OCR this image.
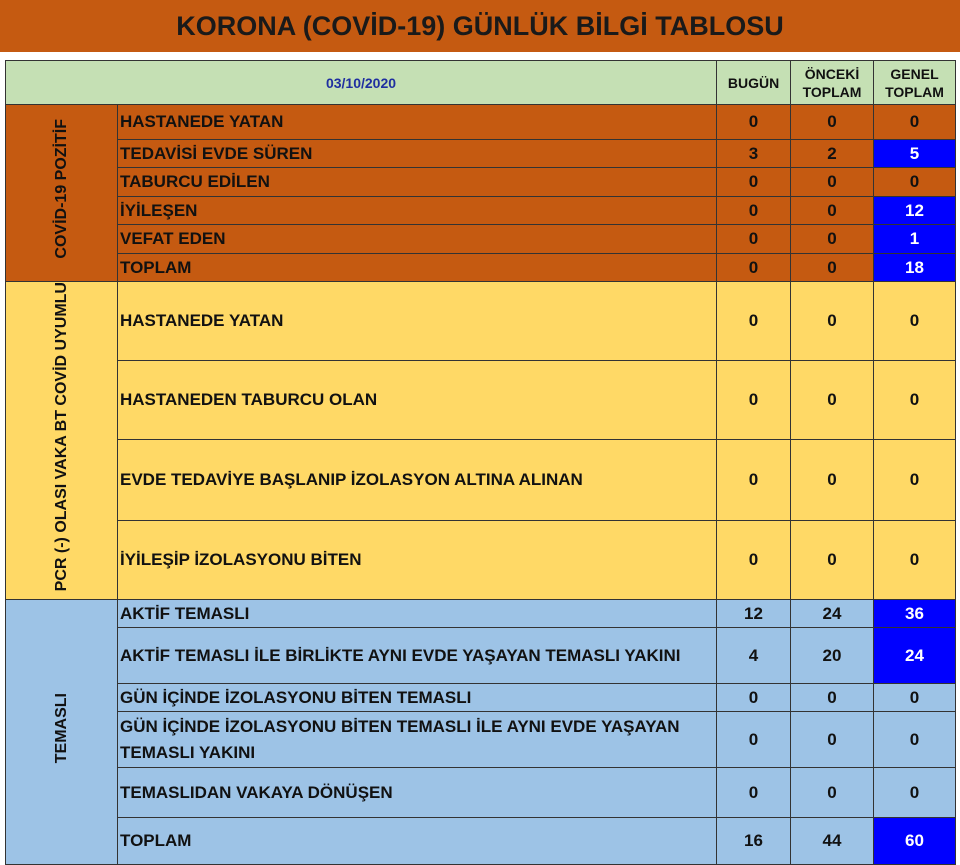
KORONA (COVİD-19) GÜNLÜK BİLGİ TABLOSU
03/10/2020		BUGÜN	ÖNCEKİ TOPLAM	GENEL TOPLAM
COVİD-19 POZİTİF	HASTANEDE YATAN	0	0	0
	TEDAVİSİ EVDE SÜREN	3	2	5
	TABURCU EDİLEN	0	0	0
	İYİLEŞEN	0	0	12
	VEFAT EDEN	0	0	1
	TOPLAM	0	0	18
PCR (-) OLASI VAKA BT COVİD UYUMLU	HASTANEDE YATAN	0	0	0
	HASTANEDEN TABURCU OLAN	0	0	0
	EVDE TEDAVİYE BAŞLANIP İZOLASYON ALTINA ALINAN	0	0	0
	İYİLEŞİP İZOLASYONU BİTEN	0	0	0
TEMASLI	AKTİF TEMASLI	12	24	36
	AKTİF TEMASLI İLE BİRLİKTE AYNI EVDE YAŞAYAN TEMASLI YAKINI	4	20	24
	GÜN İÇİNDE İZOLASYONU BİTEN TEMASLI	0	0	0
	GÜN İÇİNDE İZOLASYONU BİTEN TEMASLI İLE AYNI EVDE YAŞAYAN TEMASLI YAKINI	0	0	0
	TEMASLIDAN VAKAYA DÖNÜŞEN	0	0	0
	TOPLAM	16	44	60
